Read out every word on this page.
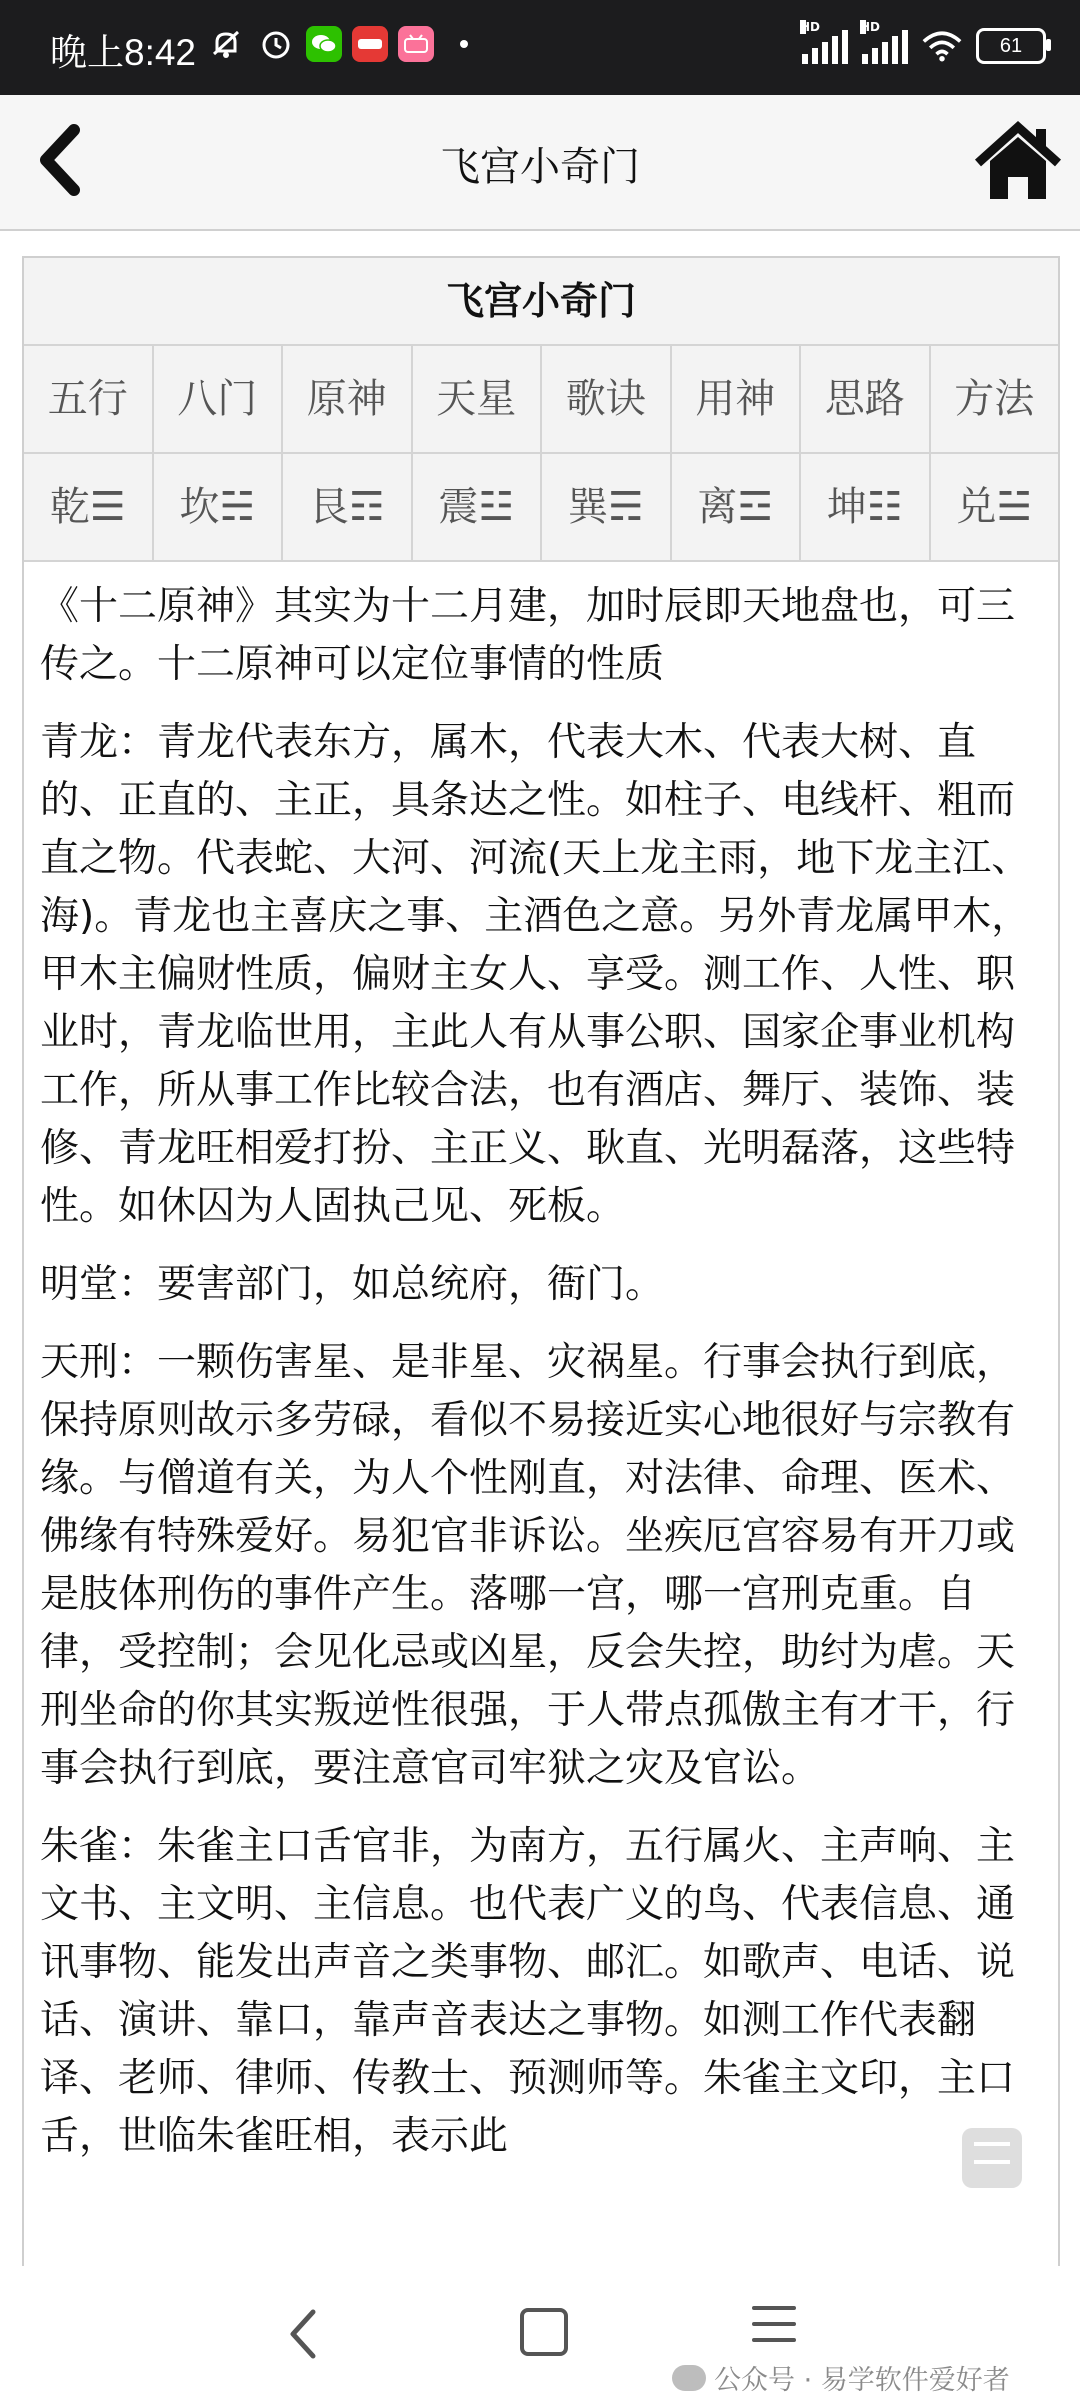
晚上8:42
HD	HD
61
飞宫小奇门
飞宫小奇门
五行	八门	原神	天星	歌诀	用神	思路	方法
乾☰	坎☵	艮☶	震☳	巽☴	离☲	坤☷	兑☱

《十二原神》其实为十二月建，加时辰即天地盘也，可三传之。十二原神可以定位事情的性质

青龙：青龙代表东方，属木，代表大木、代表大树、直的、正直的、主正，具条达之性。如柱子、电线杆、粗而直之物。代表蛇、大河、河流(天上龙主雨，地下龙主江、海)。青龙也主喜庆之事、主酒色之意。另外青龙属甲木，甲木主偏财性质，偏财主女人、享受。测工作、人性、职业时，青龙临世用，主此人有从事公职、国家企事业机构工作，所从事工作比较合法，也有酒店、舞厅、装饰、装修、青龙旺相爱打扮、主正义、耿直、光明磊落，这些特性。如休囚为人固执己见、死板。

明堂：要害部门，如总统府，衙门。

天刑：一颗伤害星、是非星、灾祸星。行事会执行到底，保持原则故示多劳碌，看似不易接近实心地很好与宗教有缘。与僧道有关，为人个性刚直，对法律、命理、医术、佛缘有特殊爱好。易犯官非诉讼。坐疾厄宫容易有开刀或是肢体刑伤的事件产生。落哪一宫，哪一宫刑克重。自律，受控制；会见化忌或凶星，反会失控，助纣为虐。天刑坐命的你其实叛逆性很强，于人带点孤傲主有才干，行事会执行到底，要注意官司牢狱之灾及官讼。

朱雀：朱雀主口舌官非，为南方，五行属火、主声响、主文书、主文明、主信息。也代表广义的鸟、代表信息、通讯事物、能发出声音之类事物、邮汇。如歌声、电话、说话、演讲、靠口，靠声音表达之事物。如测工作代表翻译、老师、律师、传教士、预测师等。朱雀主文印，主口舌，世临朱雀旺相，表示此

公众号 · 易学软件爱好者
